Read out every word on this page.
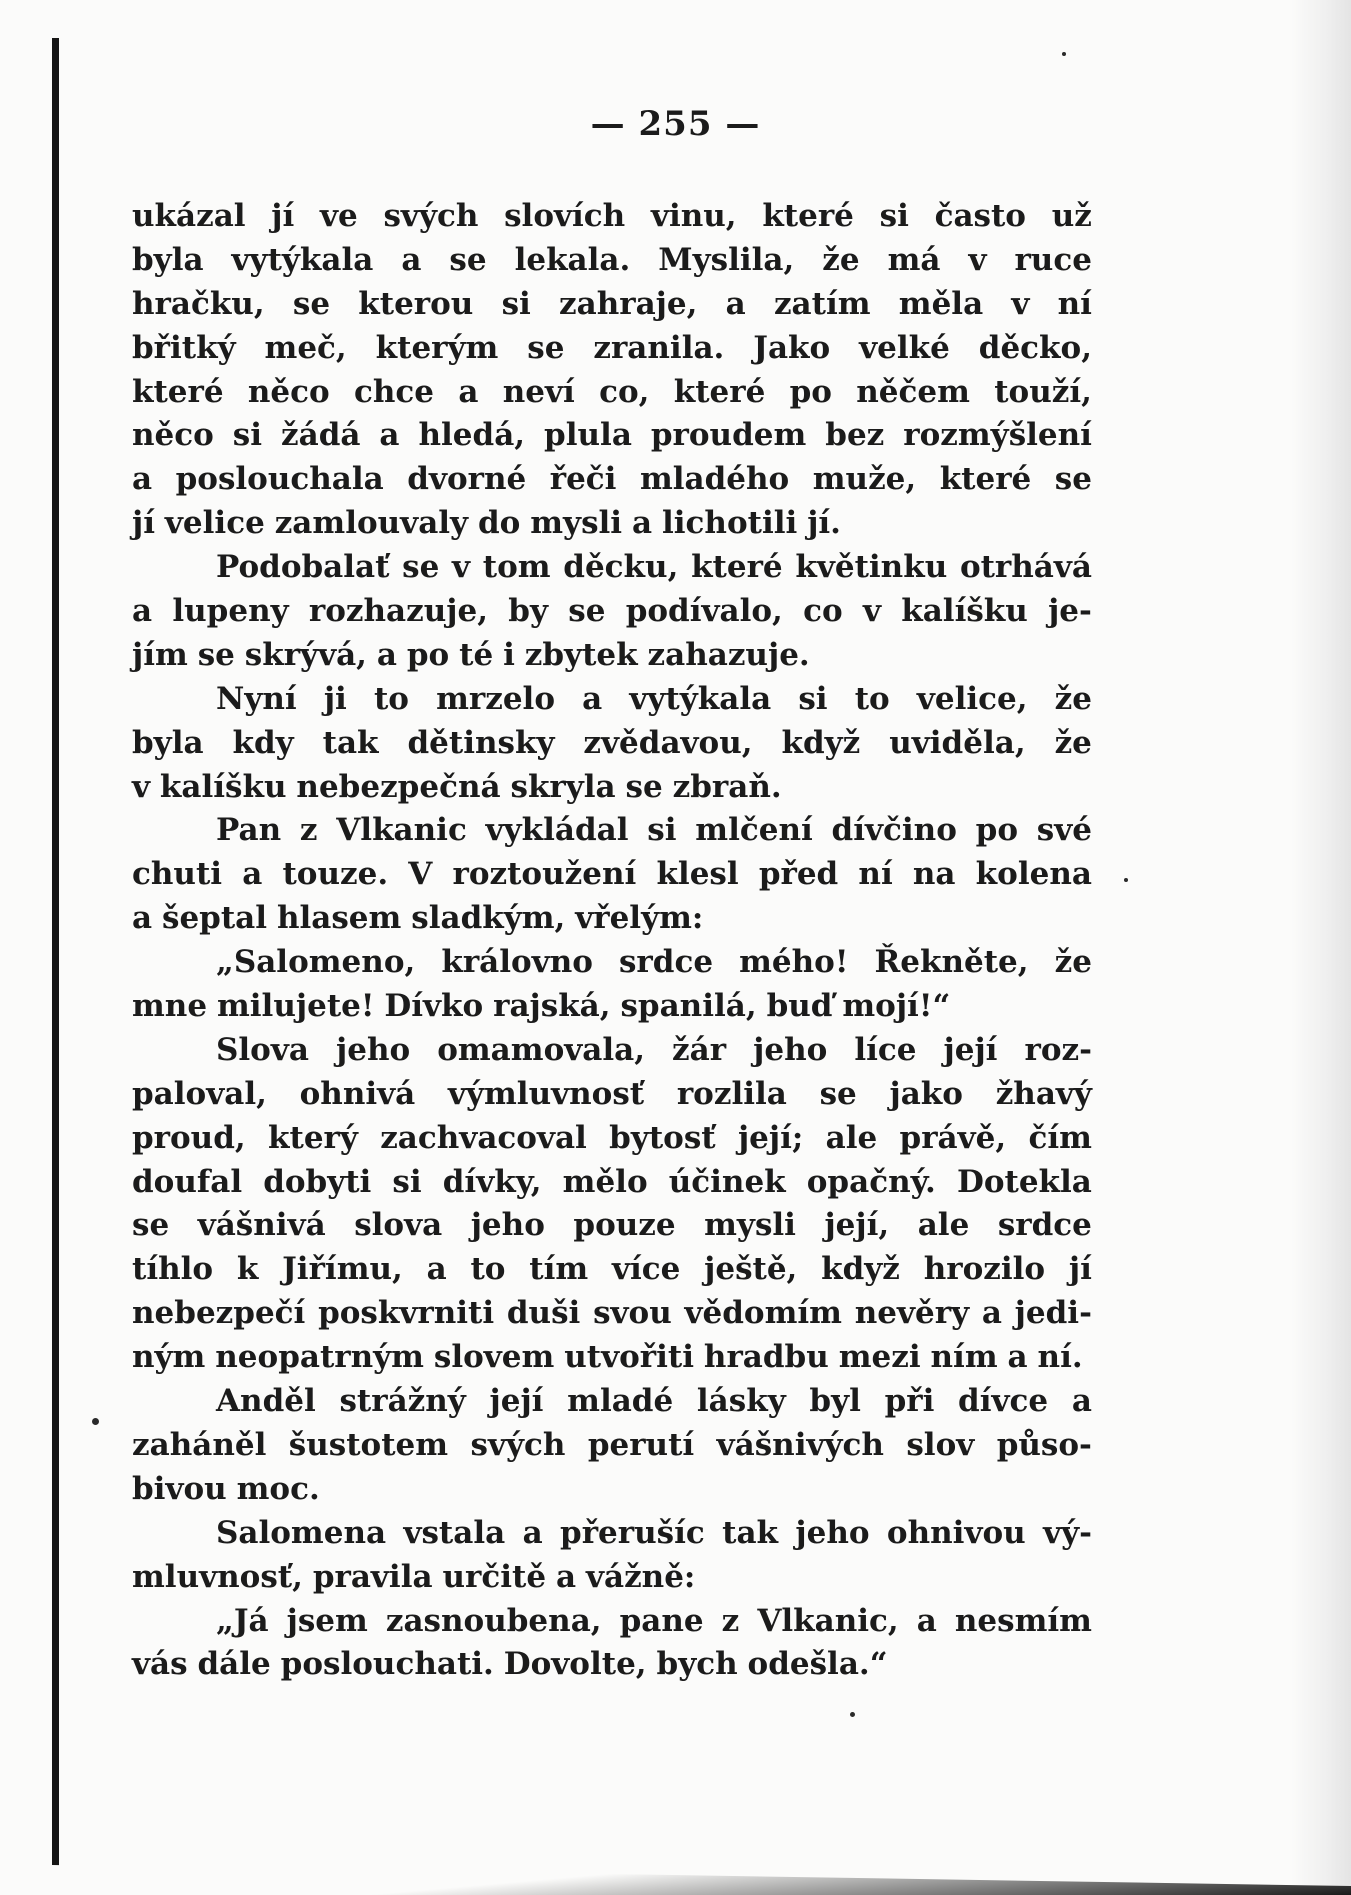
— 255 —
ukázal jí ve svých slovích vinu, které si často už
byla vytýkala a se lekala. Myslila, že má v ruce
hračku, se kterou si zahraje, a zatím měla v ní
břitký meč, kterým se zranila. Jako velké děcko,
které něco chce a neví co, které po něčem touží,
něco si žádá a hledá, plula proudem bez rozmýšlení
a poslouchala dvorné řeči mladého muže, které se
jí velice zamlouvaly do mysli a lichotili jí.
Podobalať se v tom děcku, které květinku otrhává
a lupeny rozhazuje, by se podívalo, co v kalíšku je-
jím se skrývá, a po té i zbytek zahazuje.
Nyní ji to mrzelo a vytýkala si to velice, že
byla kdy tak dětinsky zvědavou, když uviděla, že
v kalíšku nebezpečná skryla se zbraň.
Pan z Vlkanic vykládal si mlčení dívčino po své
chuti a touze. V roztoužení klesl před ní na kolena
a šeptal hlasem sladkým, vřelým:
„Salomeno, královno srdce mého! Řekněte, že
mne milujete! Dívko rajská, spanilá, buď mojí!“
Slova jeho omamovala, žár jeho líce její roz-
paloval, ohnivá výmluvnosť rozlila se jako žhavý
proud, který zachvacoval bytosť její; ale právě, čím
doufal dobyti si dívky, mělo účinek opačný. Dotekla
se vášnivá slova jeho pouze mysli její, ale srdce
tíhlo k Jiřímu, a to tím více ještě, když hrozilo jí
nebezpečí poskvrniti duši svou vědomím nevěry a jedi-
ným neopatrným slovem utvořiti hradbu mezi ním a ní.
Anděl strážný její mladé lásky byl při dívce a
zaháněl šustotem svých perutí vášnivých slov půso-
bivou moc.
Salomena vstala a přerušíc tak jeho ohnivou vý-
mluvnosť, pravila určitě a vážně:
„Já jsem zasnoubena, pane z Vlkanic, a nesmím
vás dále poslouchati. Dovolte, bych odešla.“
